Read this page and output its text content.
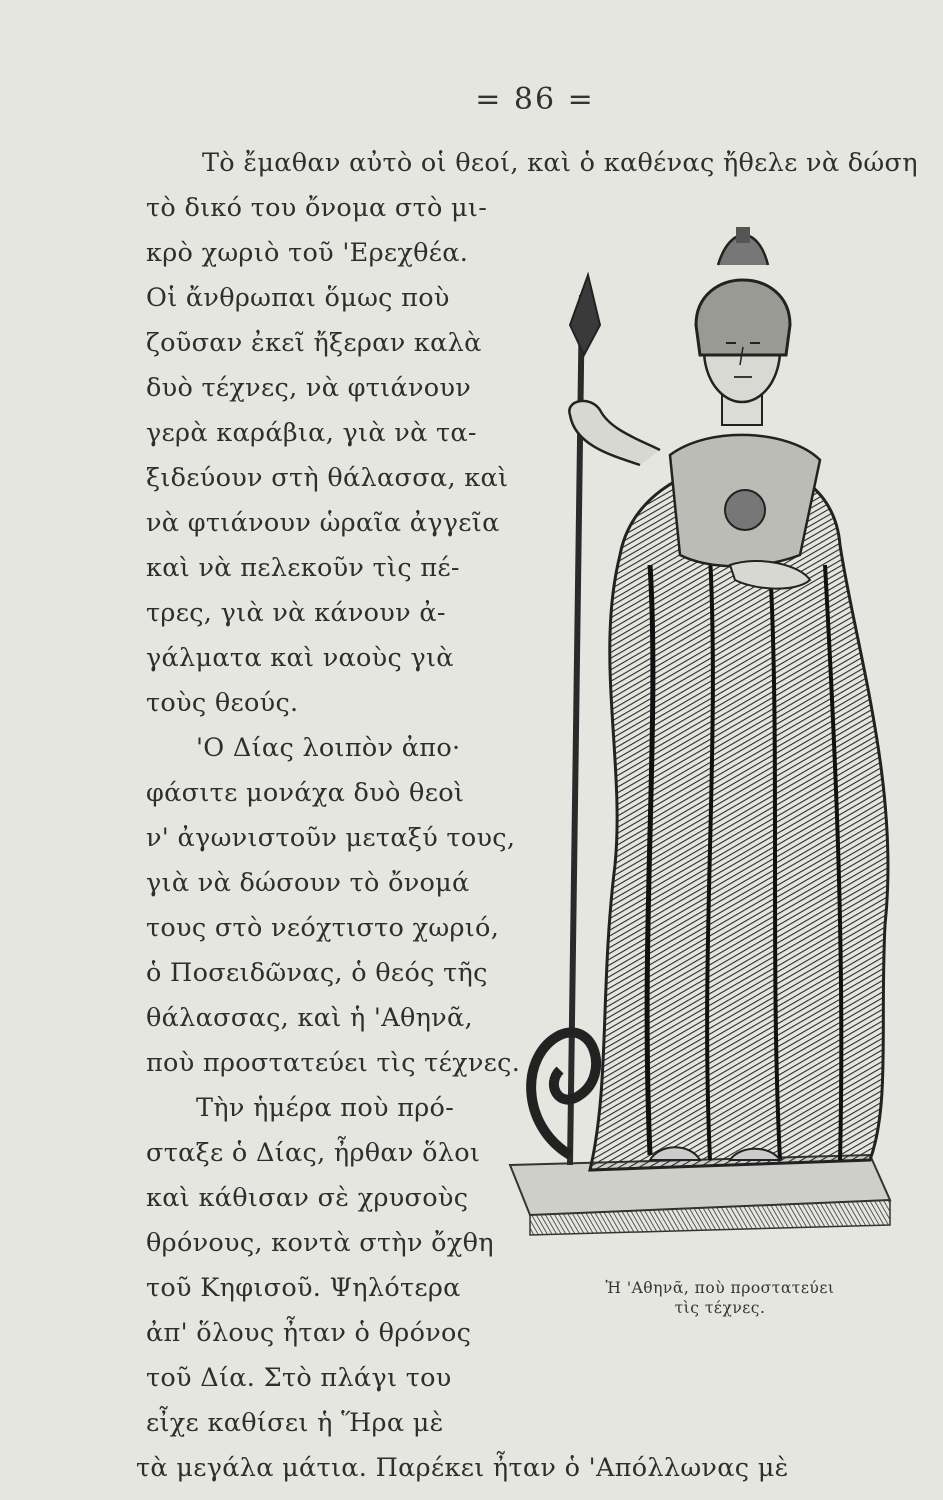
= 86 =
Τὸ ἔμαθαν αὐτὸ οἱ θεοί, καὶ ὁ καθένας ἤθελε νὰ δώση
τὸ δικό του ὄνομα στὸ μι-
κρὸ χωριὸ τοῦ 'Ερεχθέα.
Οἱ ἄνθρωπαι ὅμως ποὺ
ζοῦσαν ἐκεῖ ἤξεραν καλὰ
δυὸ τέχνες, νὰ φτιάνουν
γερὰ καράβια, γιὰ νὰ τα-
ξιδεύουν στὴ θάλασσα, καὶ
νὰ φτιάνουν ὡραῖα ἀγγεῖα
καὶ νὰ πελεκοῦν τὶς πέ-
τρες, γιὰ νὰ κάνουν ἀ-
γάλματα καὶ ναοὺς γιὰ
τοὺς θεούς.
'Ο Δίας λοιπὸν ἀπο·
φάσιτε μονάχα δυὸ θεοὶ
ν' ἀγωνιστοῦν μεταξύ τους,
γιὰ νὰ δώσουν τὸ ὄνομά
τους στὸ νεόχτιστο χωριό,
ὁ Ποσειδῶνας, ὁ θεός τῆς
θάλασσας, καὶ ἡ 'Αθηνᾶ,
ποὺ προστατεύει τὶς τέχνες.
Τὴν ἡμέρα ποὺ πρό-
σταξε ὁ Δίας, ἦρθαν ὅλοι
καὶ κάθισαν σὲ χρυσοὺς
θρόνους, κοντὰ στὴν ὄχθη
τοῦ Κηφισοῦ. Ψηλότερα
ἀπ' ὅλους ἦταν ὁ θρόνος
τοῦ Δία. Στὸ πλάγι του
εἶχε καθίσει ἡ Ἥρα μὲ
τὰ μεγάλα μάτια. Παρέκει ἦταν ὁ 'Απόλλωνας μὲ
Ἡ 'Αθηνᾶ, ποὺ προστατεύει
τὶς τέχνες.
